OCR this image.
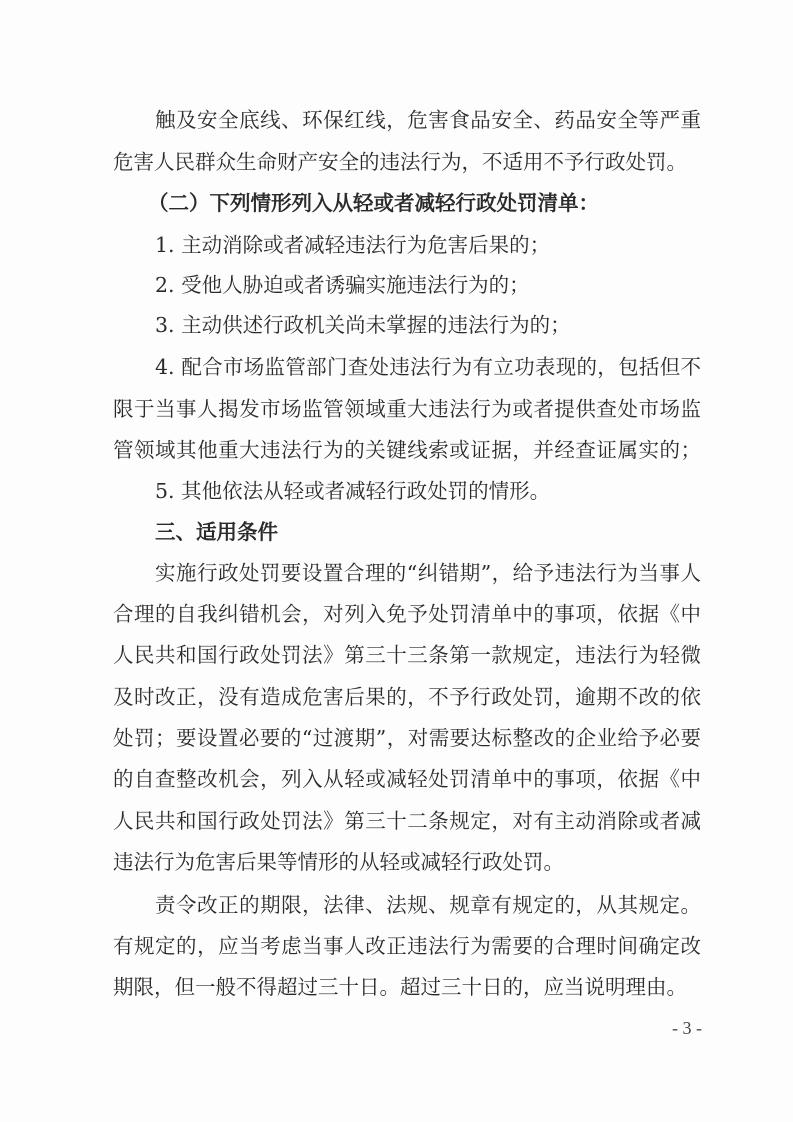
触及安全底线、环保红线，危害食品安全、药品安全等严重
危害人民群众生命财产安全的违法行为，不适用不予行政处罚。
（二）下列情形列入从轻或者减轻行政处罚清单：
1. 主动消除或者减轻违法行为危害后果的；
2. 受他人胁迫或者诱骗实施违法行为的；
3. 主动供述行政机关尚未掌握的违法行为的；
4. 配合市场监管部门查处违法行为有立功表现的，包括但不
限于当事人揭发市场监管领域重大违法行为或者提供查处市场监
管领域其他重大违法行为的关键线索或证据，并经查证属实的；
5. 其他依法从轻或者减轻行政处罚的情形。
三、适用条件
实施行政处罚要设置合理的“纠错期”，给予违法行为当事人
合理的自我纠错机会，对列入免予处罚清单中的事项，依据《中
人民共和国行政处罚法》第三十三条第一款规定，违法行为轻微
及时改正，没有造成危害后果的，不予行政处罚，逾期不改的依
处罚；要设置必要的“过渡期”，对需要达标整改的企业给予必要
的自查整改机会，列入从轻或减轻处罚清单中的事项，依据《中
人民共和国行政处罚法》第三十二条规定，对有主动消除或者减
违法行为危害后果等情形的从轻或减轻行政处罚。
责令改正的期限，法律、法规、规章有规定的，从其规定。
有规定的，应当考虑当事人改正违法行为需要的合理时间确定改
期限，但一般不得超过三十日。超过三十日的，应当说明理由。
- 3 -
